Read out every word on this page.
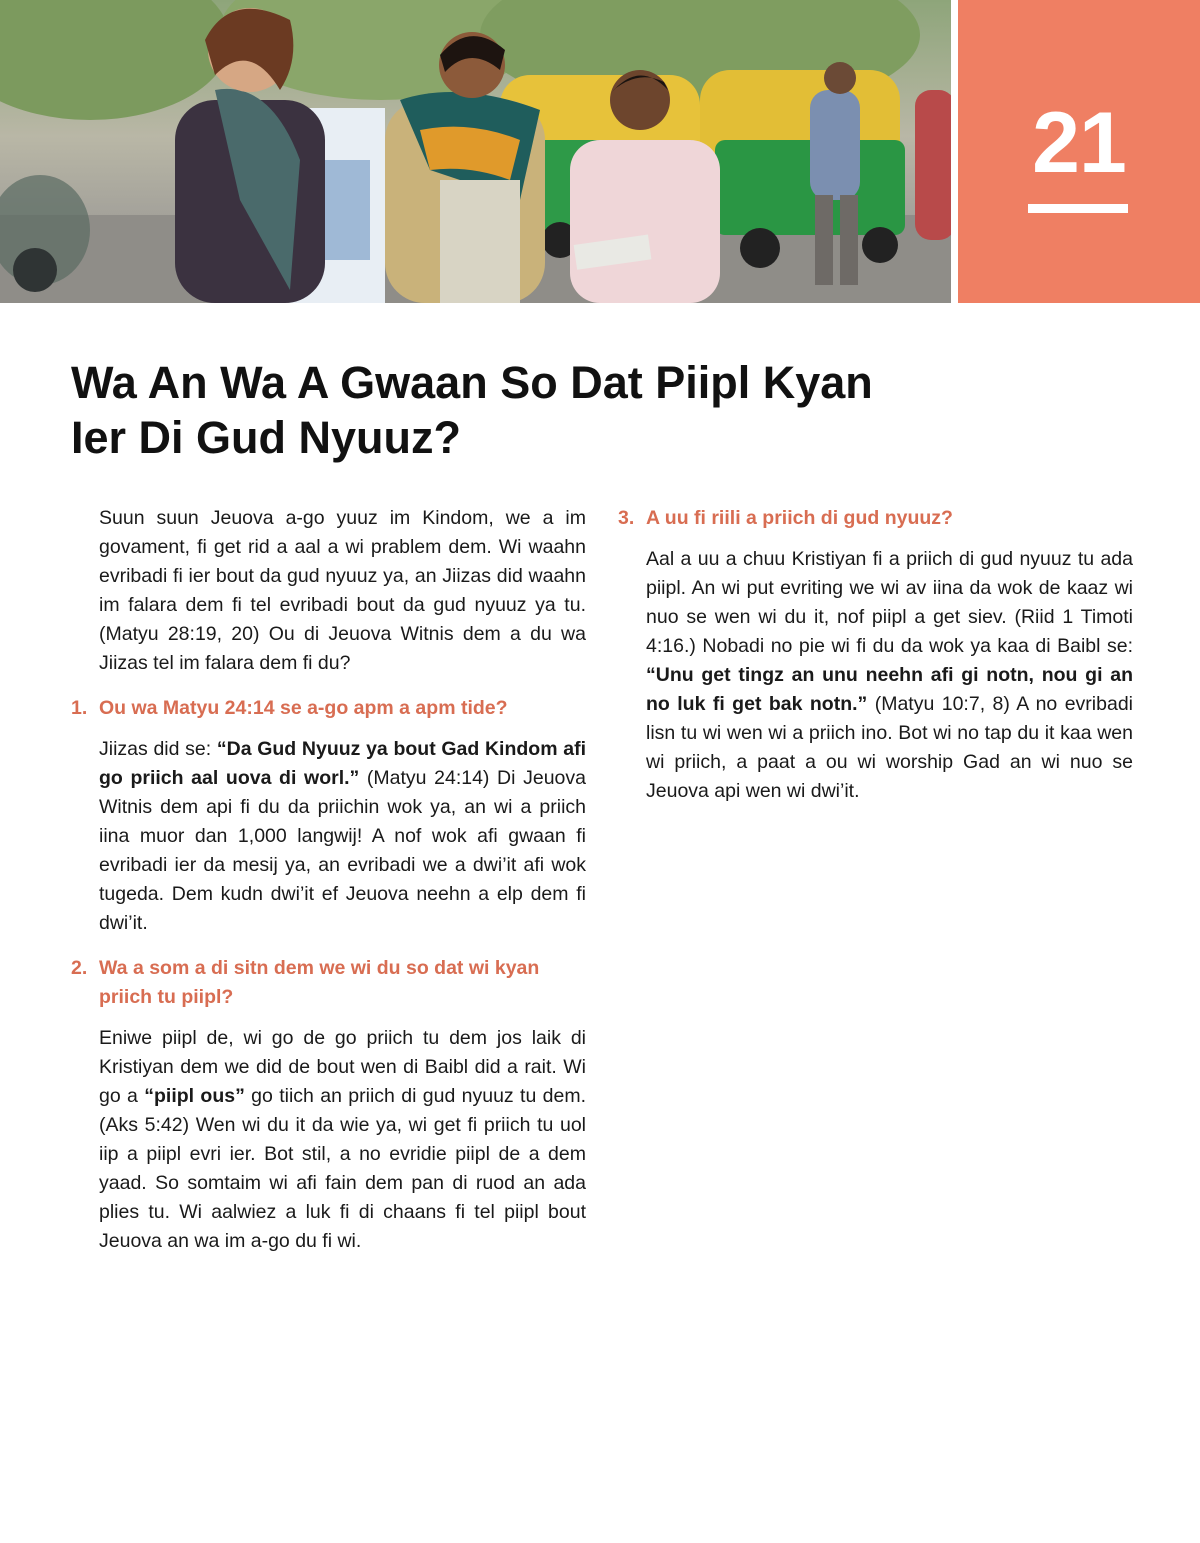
21
Wa An Wa A Gwaan So Dat Piipl Kyan Ier Di Gud Nyuuz?

Suun suun Jeuova a-go yuuz im Kindom, we a im govament, fi get rid a aal a wi prablem dem. Wi waahn evribadi fi ier bout da gud nyuuz ya, an Jiizas did waahn im falara dem fi tel evribadi bout da gud nyuuz ya tu. (Matyu 28:19, 20) Ou di Jeuova Witnis dem a du wa Jiizas tel im falara dem fi du?

1. Ou wa Matyu 24:14 se a-go apm a apm tide?

Jiizas did se: “Da Gud Nyuuz ya bout Gad Kindom afi go priich aal uova di worl.” (Matyu 24:14) Di Jeuova Witnis dem api fi du da priichin wok ya, an wi a priich iina muor dan 1,000 langwij! A nof wok afi gwaan fi evribadi ier da mesij ya, an evribadi we a dwi’it afi wok tugeda. Dem kudn dwi’it ef Jeuova neehn a elp dem fi dwi’it.

2. Wa a som a di sitn dem we wi du so dat wi kyan priich tu piipl?

Eniwe piipl de, wi go de go priich tu dem jos laik di Kristiyan dem we did de bout wen di Baibl did a rait. Wi go a “piipl ous” go tiich an priich di gud nyuuz tu dem. (Aks 5:42) Wen wi du it da wie ya, wi get fi priich tu uol iip a piipl evri ier. Bot stil, a no evridie piipl de a dem yaad. So somtaim wi afi fain dem pan di ruod an ada plies tu. Wi aalwiez a luk fi di chaans fi tel piipl bout Jeuova an wa im a-go du fi wi.

3. A uu fi riili a priich di gud nyuuz?

Aal a uu a chuu Kristiyan fi a priich di gud nyuuz tu ada piipl. An wi put evriting we wi av iina da wok de kaaz wi nuo se wen wi du it, nof piipl a get siev. (Riid 1 Timoti 4:16.) Nobadi no pie wi fi du da wok ya kaa di Baibl se: “Unu get tingz an unu neehn afi gi notn, nou gi an no luk fi get bak notn.” (Matyu 10:7, 8) A no evribadi lisn tu wi wen wi a priich ino. Bot wi no tap du it kaa wen wi priich, a paat a ou wi worship Gad an wi nuo se Jeuova api wen wi dwi’it.
